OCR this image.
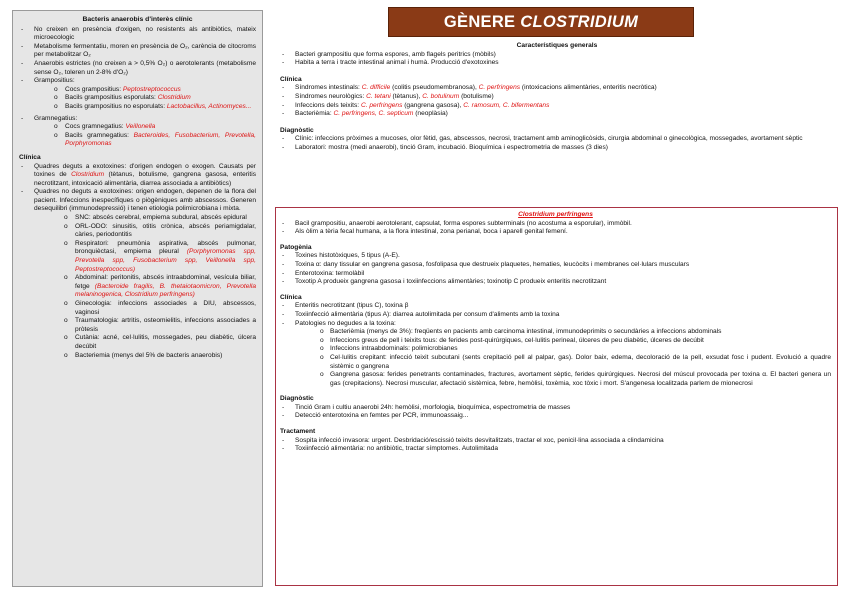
Bacteris anaerobis d'interès clínic
- No creixen en presència d'oxigen, no resistents als antibiòtics, mateix microecologic
- Metabolisme fermentatiu, moren en presència de O₂, carència de citocroms per metabolitzar O₂
- Anaerobis estrictes (no creixen a > 0,5% O₂) o aerotolerants (metabolisme sense O₂, toleren un 2-8% d'O₂)
- Grampositius:
o Cocs grampositius: Peptostreptococcus
o Bacils grampositius esporulats: Clostridium
o Bacils grampositius no esporulats: Lactobacillus, Actinomyces...
- Gramnegatius:
o Cocs gramnegatius: Veillonella
o Bacils gramnegatius: Bacteroides, Fusobacterium, Prevotella, Porphyromonas
Clínica
- Quadres deguts a exotoxines: d'origen endogen o exogen. Causats per toxines de Clostridium (tètanus, botulisme, gangrena gasosa, enteritis necrotitzant, intoxicació alimentària, diarrea associada a antibiòtics)
- Quadres no deguts a exotoxines: origen endogen, depenen de la flora del pacient. Infeccions inespecífiques o piògèniques amb abscessos. Generen desequilibri (immunodepressió) i tenen etiologia polimicrobiana i mixta.
o SNC: abscés cerebral, empiema subdural, abscés epidural
o ORL-ODO: sinusitis, otitis crònica, abscés periamigdalar, càries, periodontitis
o Respiratori: pneumònia aspirativa, abscés pulmonar, bronquièctasi, empiema pleural (Porphyromonas spp, Prevotella spp, Fusobacterium spp, Veillonella spp, Peptostreptococcus)
o Abdominal: peritonitis, abscés intraabdominal, vesícula biliar, fetge (Bacteroide fragilis, B. thetaiotaomicron, Prevotella melaninogenica, Clostridium perfringens)
o Ginecologia: infeccions associades a DIU, abscessos, vaginosi
o Traumatologia: artritis, osteomielitis, infeccions associades a pròtesis
o Cutània: acné, cel·lulitis, mossegades, peu diabètic, úlcera decúbit
o Bacteriemia (menys del 5% de bacteris anaerobis)
GÈNERE CLOSTRIDIUM
Característiques generals
- Bacteri grampositiu que forma espores, amb flagels peritrics (mòbils)
- Habita a terra i tracte intestinal animal i humà. Producció d'exotoxines
Clínica
- Síndromes intestinals: C. difficile (colitis pseudomembranosa), C. perfringens (intoxicacions alimentàries, enteritis necròtica)
- Síndromes neurològics: C. tetani (tètanus), C. botulinum (botulisme)
- Infeccions dels teixits: C. perfringens (gangrena gasosa), C. ramosum, C. bifermentans
- Bacterièmia: C. perfringens, C. septicum (neoplàsia)
Diagnòstic
- Clínic: infeccions pròximes a mucoses, olor fètid, gas, abscessos, necrosi, tractament amb aminoglicòsids, cirurgia abdominal o ginecològica, mossegades, avortament sèptic
- Laboratori: mostra (medi anaerobi), tinció Gram, incubació. Bioquímica i espectrometria de masses (3 dies)
Clostridium perfringens
- Bacil grampositiu, anaerobi aerotolerant, capsulat, forma espores subterminals (no acostuma a esporular), immòbil.
- Als òlim a tèria fecal humana, a la flora intestinal, zona perianal, boca i aparell genital femení.
Patogènia
- Toxines histotòxiques, 5 tipus (A-E).
- Toxina α: dany tissular en gangrena gasosa, fosfolipasa que destrueix plaquetes, hematies, leucòcits i membranes cel·lulars musculars
- Enterotoxina: termolàbil
- Toxotip A produeix gangrena gasosa i toxiinfeccions alimentàries; toxinotip C produeix enteritis necrotitzant
Clínica
- Enteritis necrotitzant (tipus C), toxina β
- Toxiinfecció alimentària (tipus A): diarrea autolimitada per consum d'aliments amb la toxina
- Patologies no degudes a la toxina:
o Bacterièmia (menys de 3%): freqüents en pacients amb carcinoma intestinal, immunodeprimits o secundàries a infeccions abdominals
o Infeccions greus de pell i teixits tous: de ferides post-quirúrgiques, cel·lulitis perineal, úlceres de peu diabètic, úlceres de decúbit
o Infeccions intraabdominals: polimicrobianes
o Cel·lulitis crepitant: infecció teixit subcutani (sents crepitació pell al palpar, gas). Dolor baix, edema, decoloració de la pell, exsudat fosc i pudent. Evolució a quadre sistèmic o gangrena
o Gangrena gasosa: ferides penetrants contaminades, fractures, avortament sèptic, ferides quirúrgiques. Necrosi del múscul provocada per toxina α. El bacteri genera un gas (crepitacions). Necrosi muscular, afectació sistèmica, febre, hemòlisi, toxèmia, xoc tòxic i mort. S'angenesa localitzada parlem de mionecrosi
Diagnòstic
- Tinció Gram i cultiu anaerobi 24h: hemòlisi, morfologia, bioquímica, espectrometria de masses
- Detecció enterotoxina en femtes per PCR, immunoassaig...
Tractament
- Sospita infecció invasora: urgent. Desbridació/escissió teixits desvitalitzats, tractar el xoc, penicil·lina associada a clindamicina
- Toxiinfecció alimentària: no antibiòtic, tractar símptomes. Autolimitada
